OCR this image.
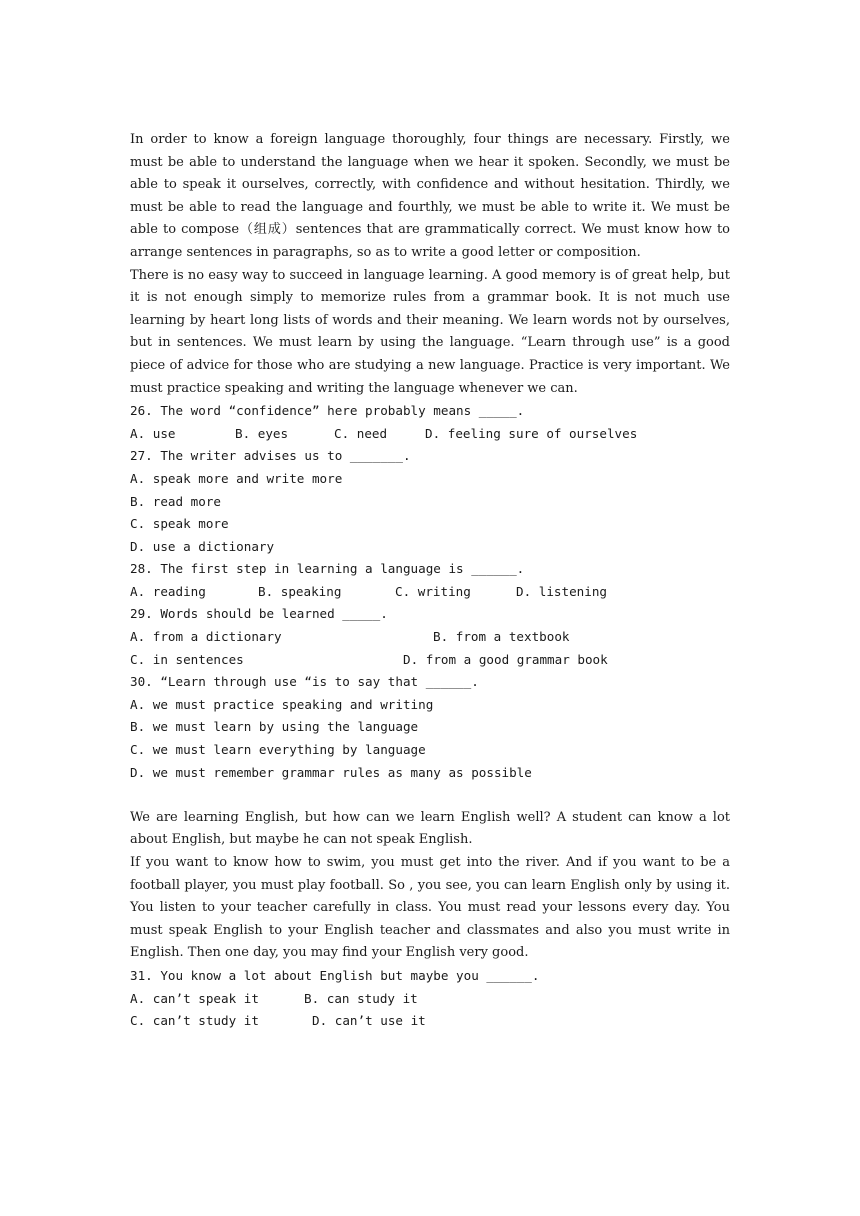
In order to know a foreign language thoroughly, four things are necessary. Firstly, we must be able to understand the language when we hear it spoken. Secondly, we must be able to speak it ourselves, correctly, with confidence and without hesitation. Thirdly, we must be able to read the language and fourthly, we must be able to write it. We must be able to compose（组成）sentences that are grammatically correct. We must know how to arrange sentences in paragraphs, so as to write a good letter or composition.

There is no easy way to succeed in language learning. A good memory is of great help, but it is not enough simply to memorize rules from a grammar book. It is not much use learning by heart long lists of words and their meaning. We learn words not by ourselves, but in sentences. We must learn by using the language. “Learn through use” is a good piece of advice for those who are studying a new language. Practice is very important. We must practice speaking and writing the language whenever we can.

26. The word “confidence” here probably means _____.

A. use	B. eyes	C. need	D. feeling sure of ourselves

27. The writer advises us to _______.

A. speak more and write more

B. read more

C. speak more

D. use a dictionary

28. The first step in learning a language is ______.

A. reading	B. speaking	C. writing	D. listening

29. Words should be learned _____.

A. from a dictionary	B. from a textbook
C. in sentences	D. from a good grammar book

30. “Learn through use “is to say that ______.

A. we must practice speaking and writing

B. we must learn by using the language

C. we must learn everything by language

D. we must remember grammar rules as many as possible

We are learning English, but how can we learn English well? A student can know a lot about English, but maybe he can not speak English.

If you want to know how to swim, you must get into the river. And if you want to be a football player, you must play football. So , you see, you can learn English only by using it. You listen to your teacher carefully in class. You must read your lessons every day. You must speak English to your English teacher and classmates and also you must write in English. Then one day, you may find your English very good.

31. You know a lot about English but maybe you ______.

A. can’t speak it	B. can study it
C. can’t study it	D. can’t use it
